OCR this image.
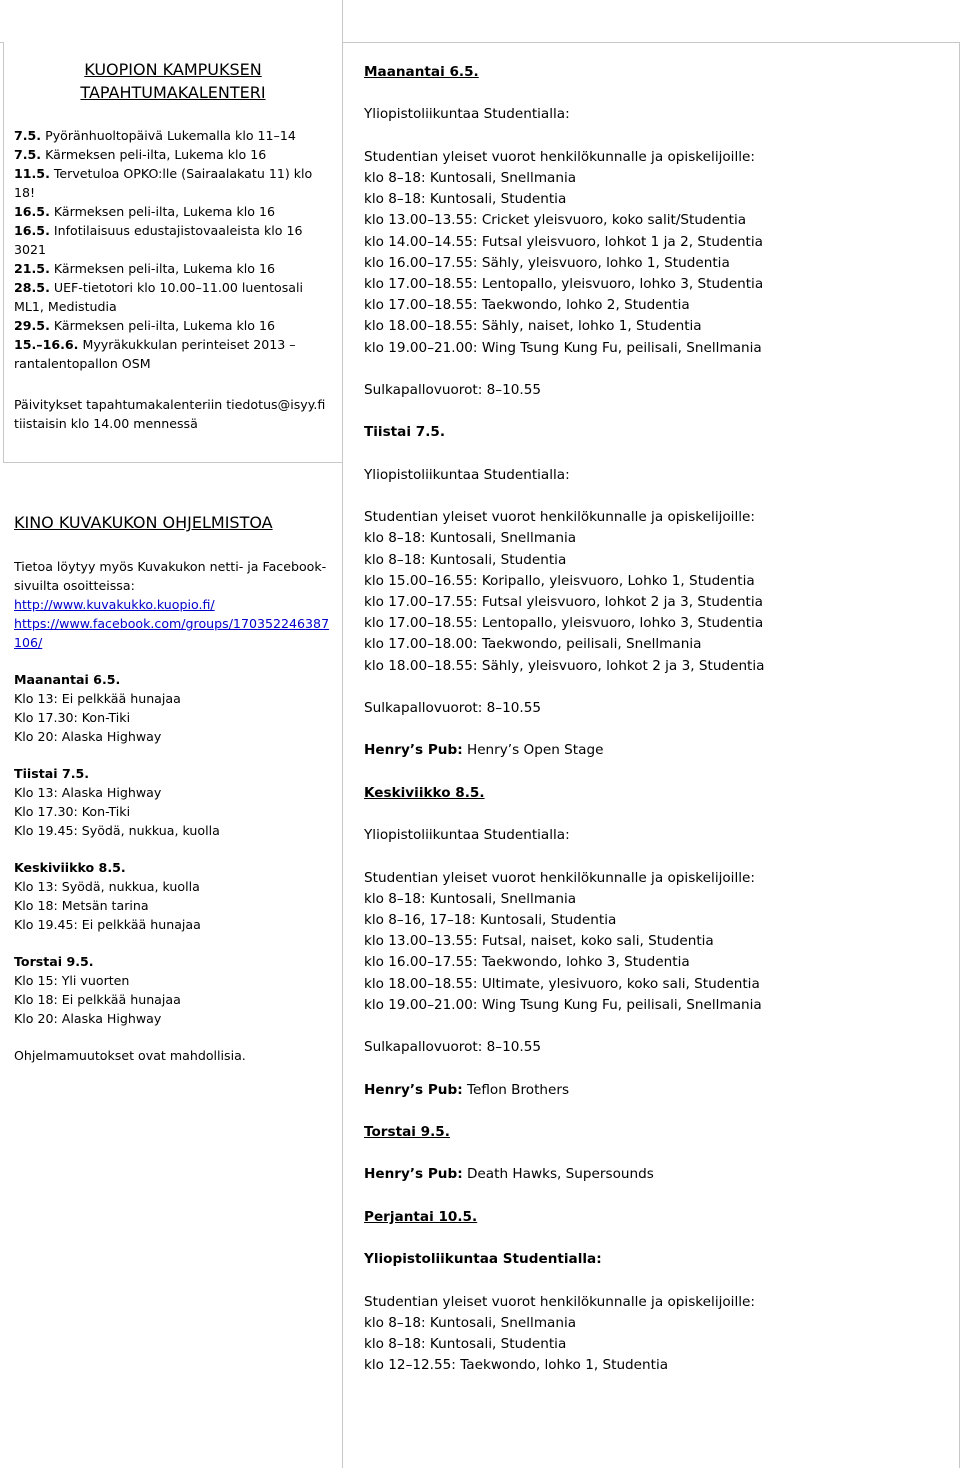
KUOPION KAMPUKSEN
TAPAHTUMAKALENTERI
7.5. Pyöränhuoltopäivä Lukemalla klo 11–14
7.5. Kärmeksen peli-ilta, Lukema klo 16
11.5. Tervetuloa OPKO:lle (Sairaalakatu 11) klo 18!
16.5. Kärmeksen peli-ilta, Lukema klo 16
16.5. Infotilaisuus edustajistovaaleista klo 16 3021
21.5. Kärmeksen peli-ilta, Lukema klo 16
28.5. UEF-tietotori klo 10.00–11.00 luentosali ML1, Medistudia
29.5. Kärmeksen peli-ilta, Lukema klo 16
15.–16.6. Myyräkukkulan perinteiset 2013 – rantalentopallon OSM
Päivitykset tapahtumakalenteriin tiedotus@isyy.fi tiistaisin klo 14.00 mennessä
KINO KUVAKUKON OHJELMISTOA
Tietoa löytyy myös Kuvakukon netti- ja Facebook-sivuilta osoitteissa:
http://www.kuvakukko.kuopio.fi/
https://www.facebook.com/groups/170352246387106/
Maanantai 6.5.
Klo 13: Ei pelkkää hunajaa
Klo 17.30: Kon-Tiki
Klo 20: Alaska Highway
Tiistai 7.5.
Klo 13: Alaska Highway
Klo 17.30: Kon-Tiki
Klo 19.45: Syödä, nukkua, kuolla
Keskiviikko 8.5.
Klo 13: Syödä, nukkua, kuolla
Klo 18: Metsän tarina
Klo 19.45: Ei pelkkää hunajaa
Torstai 9.5.
Klo 15: Yli vuorten
Klo 18: Ei pelkkää hunajaa
Klo 20: Alaska Highway
Ohjelmamuutokset ovat mahdollisia.
Maanantai 6.5.
Yliopistoliikuntaa Studentialla:
Studentian yleiset vuorot henkilökunnalle ja opiskelijoille:
klo 8–18: Kuntosali, Snellmania
klo 8–18: Kuntosali, Studentia
klo 13.00–13.55: Cricket yleisvuoro, koko salit/Studentia
klo 14.00–14.55: Futsal yleisvuoro, lohkot 1 ja 2, Studentia
klo 16.00–17.55: Sähly, yleisvuoro, lohko 1, Studentia
klo 17.00–18.55: Lentopallo, yleisvuoro, lohko 3, Studentia
klo 17.00–18.55: Taekwondo, lohko 2, Studentia
klo 18.00–18.55: Sähly, naiset, lohko 1, Studentia
klo 19.00–21.00: Wing Tsung Kung Fu, peilisali, Snellmania
Sulkapallovuorot: 8–10.55
Tiistai 7.5.
Yliopistoliikuntaa Studentialla:
Studentian yleiset vuorot henkilökunnalle ja opiskelijoille:
klo 8–18: Kuntosali, Snellmania
klo 8–18: Kuntosali, Studentia
klo 15.00–16.55: Koripallo, yleisvuoro, Lohko 1, Studentia
klo 17.00–17.55: Futsal yleisvuoro, lohkot 2 ja 3, Studentia
klo 17.00–18.55: Lentopallo, yleisvuoro, lohko 3, Studentia
klo 17.00–18.00: Taekwondo, peilisali, Snellmania
klo 18.00–18.55: Sähly, yleisvuoro, lohkot 2 ja 3, Studentia
Sulkapallovuorot: 8–10.55
Henry’s Pub: Henry’s Open Stage
Keskiviikko 8.5.
Yliopistoliikuntaa Studentialla:
Studentian yleiset vuorot henkilökunnalle ja opiskelijoille:
klo 8–18: Kuntosali, Snellmania
klo 8–16, 17–18: Kuntosali, Studentia
klo 13.00–13.55: Futsal, naiset, koko sali, Studentia
klo 16.00–17.55: Taekwondo, lohko 3, Studentia
klo 18.00–18.55: Ultimate, ylesivuoro, koko sali, Studentia
klo 19.00–21.00: Wing Tsung Kung Fu, peilisali, Snellmania
Sulkapallovuorot: 8–10.55
Henry’s Pub: Teflon Brothers
Torstai 9.5.
Henry’s Pub: Death Hawks, Supersounds
Perjantai 10.5.
Yliopistoliikuntaa Studentialla:
Studentian yleiset vuorot henkilökunnalle ja opiskelijoille:
klo 8–18: Kuntosali, Snellmania
klo 8–18: Kuntosali, Studentia
klo 12–12.55: Taekwondo, lohko 1, Studentia
